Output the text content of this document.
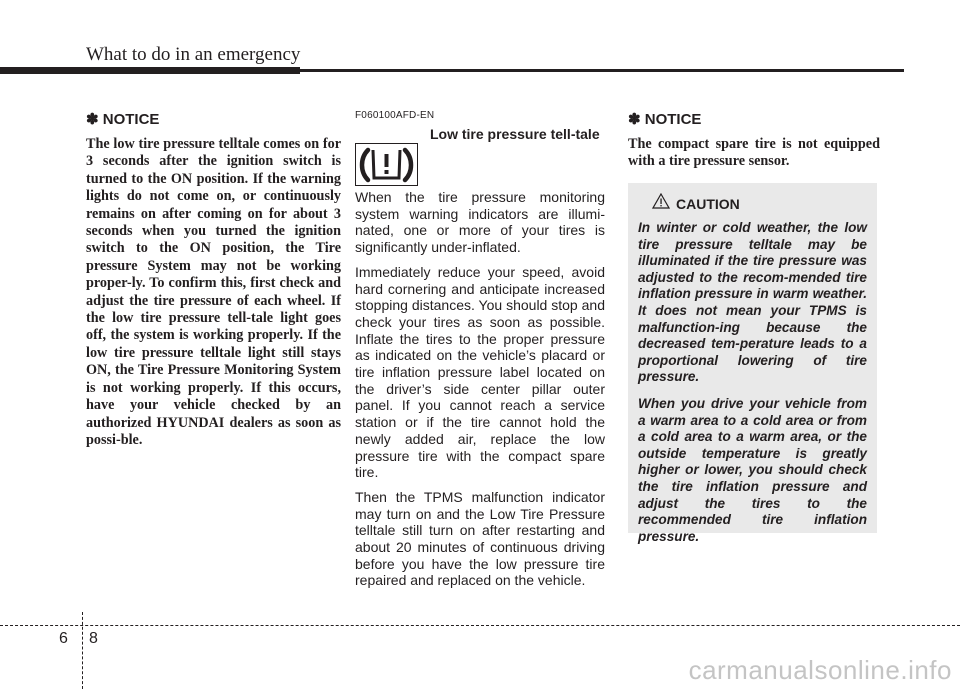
What to do in an emergency
✽ NOTICE

The low tire pressure telltale comes on for 3 seconds after the ignition switch is turned to the ON position. If the warning lights do not come on, or continuously remains on after coming on for about 3 seconds when you turned the ignition switch to the ON position, the Tire pressure System may not be working proper-ly. To confirm this, first check and adjust the tire pressure of each wheel. If the low tire pressure tell-tale light goes off, the system is working properly. If the low tire pressure telltale light still stays ON, the Tire Pressure Monitoring System is not working properly. If this occurs, have your vehicle checked by an authorized HYUNDAI dealers as soon as possi-ble.

F060100AFD-EN
Low tire pressure tell-tale

When the tire pressure monitoring system warning indicators are illumi-nated, one or more of your tires is significantly under-inflated.

Immediately reduce your speed, avoid hard cornering and anticipate increased stopping distances. You should stop and check your tires as soon as possible. Inflate the tires to the proper pressure as indicated on the vehicle’s placard or tire inflation pressure label located on the driver’s side center pillar outer panel. If you cannot reach a service station or if the tire cannot hold the newly added air, replace the low pressure tire with the compact spare tire.

Then the TPMS malfunction indicator may turn on and the Low Tire Pressure telltale still turn on after restarting and about 20 minutes of continuous driving before you have the low pressure tire repaired and replaced on the vehicle.

✽ NOTICE

The compact spare tire is not equipped with a tire pressure sensor.

CAUTION

In winter or cold weather, the low tire pressure telltale may be illuminated if the tire pressure was adjusted to the recom-mended tire inflation pressure in warm weather. It does not mean your TPMS is malfunction-ing because the decreased tem-perature leads to a proportional lowering of tire pressure.

When you drive your vehicle from a warm area to a cold area or from a cold area to a warm area, or the outside temperature is greatly higher or lower, you should check the tire inflation pressure and adjust the tires to the recommended tire inflation pressure.

6 8
carmanualsonline.info
